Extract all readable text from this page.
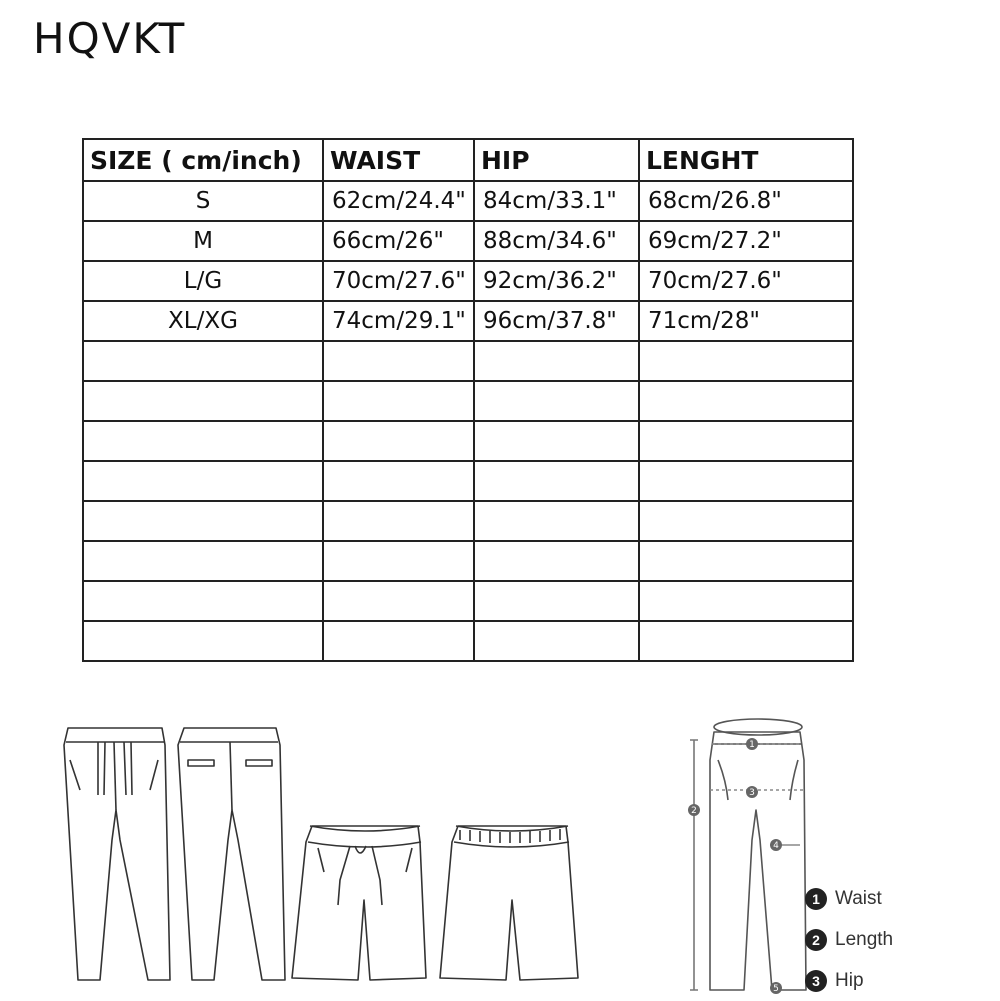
HQVKT
SIZE ( cm/inch)	WAIST	HIP	LENGHT
S	62cm/24.4"	84cm/33.1"	68cm/26.8"
M	66cm/26"	88cm/34.6"	69cm/27.2"
L/G	70cm/27.6"	92cm/36.2"	70cm/27.6"
XL/XG	74cm/29.1"	96cm/37.8"	71cm/28"

1
2
3
4
5
1 Waist
2 Length
3 Hip
